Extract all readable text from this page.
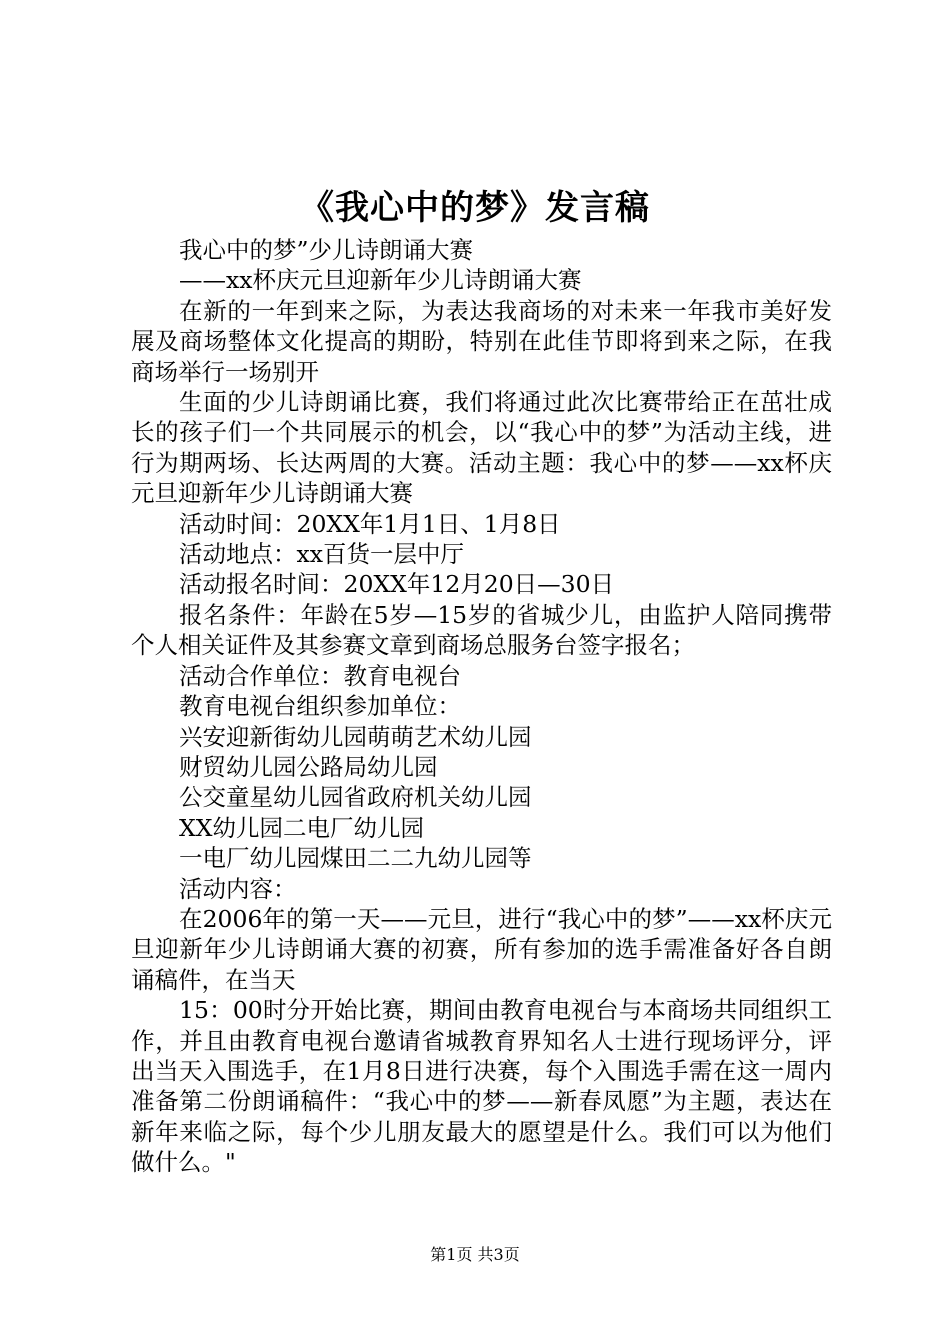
《我心中的梦》发言稿

我心中的梦”少儿诗朗诵大赛

——xx杯庆元旦迎新年少儿诗朗诵大赛

在新的一年到来之际，为表达我商场的对未来一年我市美好发展及商场整体文化提高的期盼，特别在此佳节即将到来之际，在我商场举行一场别开

生面的少儿诗朗诵比赛，我们将通过此次比赛带给正在茁壮成长的孩子们一个共同展示的机会，以“我心中的梦”为活动主线，进行为期两场、长达两周的大赛。活动主题：我心中的梦——xx杯庆元旦迎新年少儿诗朗诵大赛

活动时间：20XX年1月1日、1月8日

活动地点：xx百货一层中厅

活动报名时间：20XX年12月20日—30日

报名条件：年龄在5岁—15岁的省城少儿，由监护人陪同携带个人相关证件及其参赛文章到商场总服务台签字报名；

活动合作单位：教育电视台

教育电视台组织参加单位：

兴安迎新街幼儿园萌萌艺术幼儿园

财贸幼儿园公路局幼儿园

公交童星幼儿园省政府机关幼儿园

XX幼儿园二电厂幼儿园

一电厂幼儿园煤田二二九幼儿园等

活动内容：

在2006年的第一天——元旦，进行“我心中的梦”——xx杯庆元旦迎新年少儿诗朗诵大赛的初赛，所有参加的选手需准备好各自朗诵稿件，在当天

15：00时分开始比赛，期间由教育电视台与本商场共同组织工作，并且由教育电视台邀请省城教育界知名人士进行现场评分，评出当天入围选手，在1月8日进行决赛，每个入围选手需在这一周内准备第二份朗诵稿件：“我心中的梦——新春凤愿”为主题，表达在新年来临之际，每个少儿朋友最大的愿望是什么。我们可以为他们做什么。"

第1页 共3页
